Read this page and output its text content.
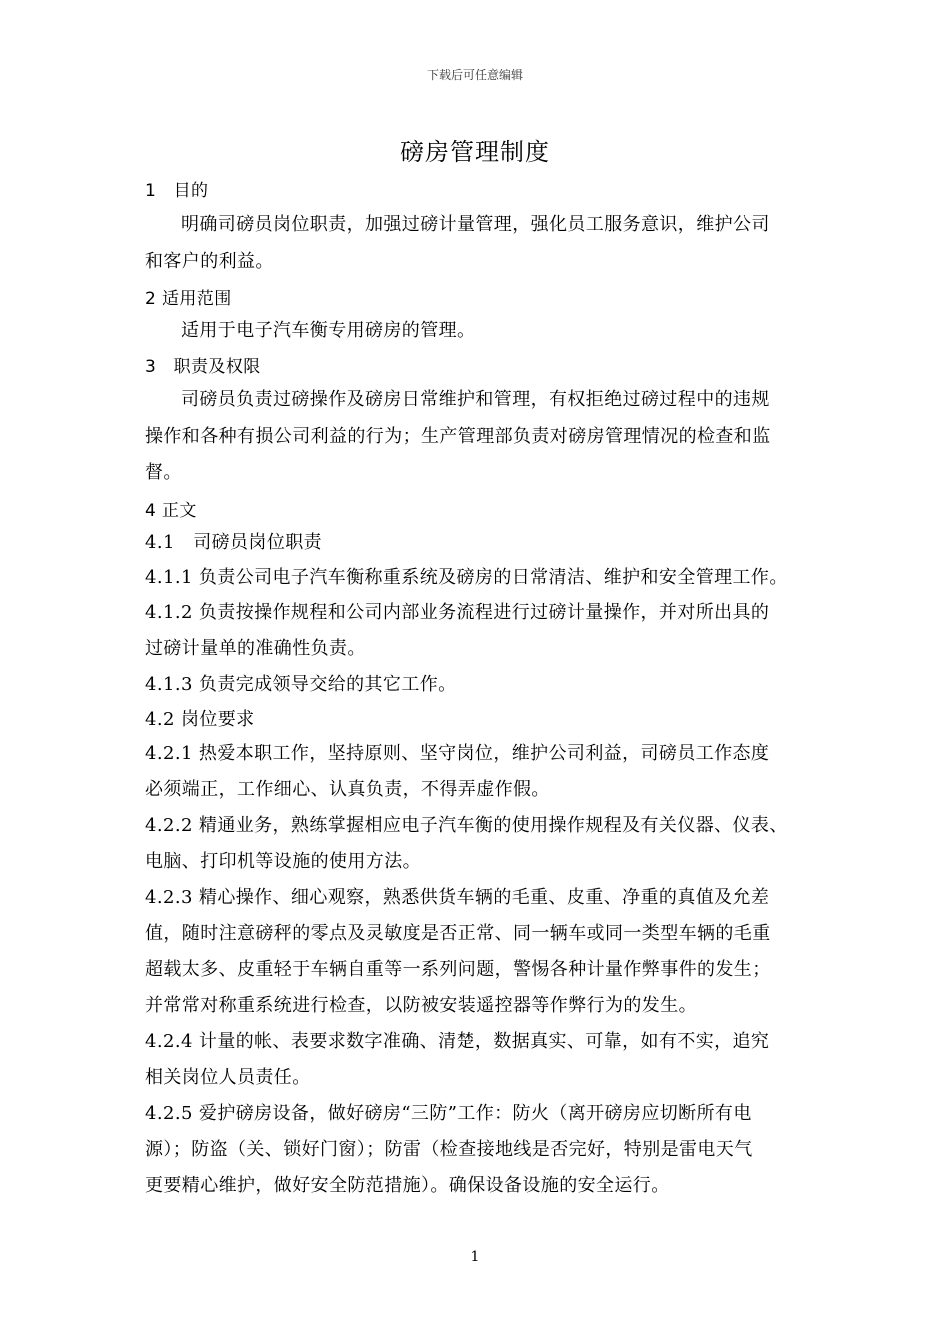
下载后可任意编辑
磅房管理制度
1　目的
明确司磅员岗位职责，加强过磅计量管理，强化员工服务意识，维护公司
和客户的利益。
2 适用范围
适用于电子汽车衡专用磅房的管理。
3　职责及权限
司磅员负责过磅操作及磅房日常维护和管理，有权拒绝过磅过程中的违规
操作和各种有损公司利益的行为；生产管理部负责对磅房管理情况的检查和监
督。
4 正文
4.1　司磅员岗位职责
4.1.1 负责公司电子汽车衡称重系统及磅房的日常清洁、维护和安全管理工作。
4.1.2 负责按操作规程和公司内部业务流程进行过磅计量操作，并对所出具的
过磅计量单的准确性负责。
4.1.3 负责完成领导交给的其它工作。
4.2 岗位要求
4.2.1 热爱本职工作，坚持原则、坚守岗位，维护公司利益，司磅员工作态度
必须端正，工作细心、认真负责，不得弄虚作假。
4.2.2 精通业务，熟练掌握相应电子汽车衡的使用操作规程及有关仪器、仪表、
电脑、打印机等设施的使用方法。
4.2.3 精心操作、细心观察，熟悉供货车辆的毛重、皮重、净重的真值及允差
值，随时注意磅秤的零点及灵敏度是否正常、同一辆车或同一类型车辆的毛重
超载太多、皮重轻于车辆自重等一系列问题，警惕各种计量作弊事件的发生；
并常常对称重系统进行检查，以防被安装遥控器等作弊行为的发生。
4.2.4 计量的帐、表要求数字准确、清楚，数据真实、可靠，如有不实，追究
相关岗位人员责任。
4.2.5 爱护磅房设备，做好磅房“三防”工作：防火（离开磅房应切断所有电
源）；防盗（关、锁好门窗）；防雷（检查接地线是否完好，特别是雷电天气
更要精心维护，做好安全防范措施）。确保设备设施的安全运行。
1
